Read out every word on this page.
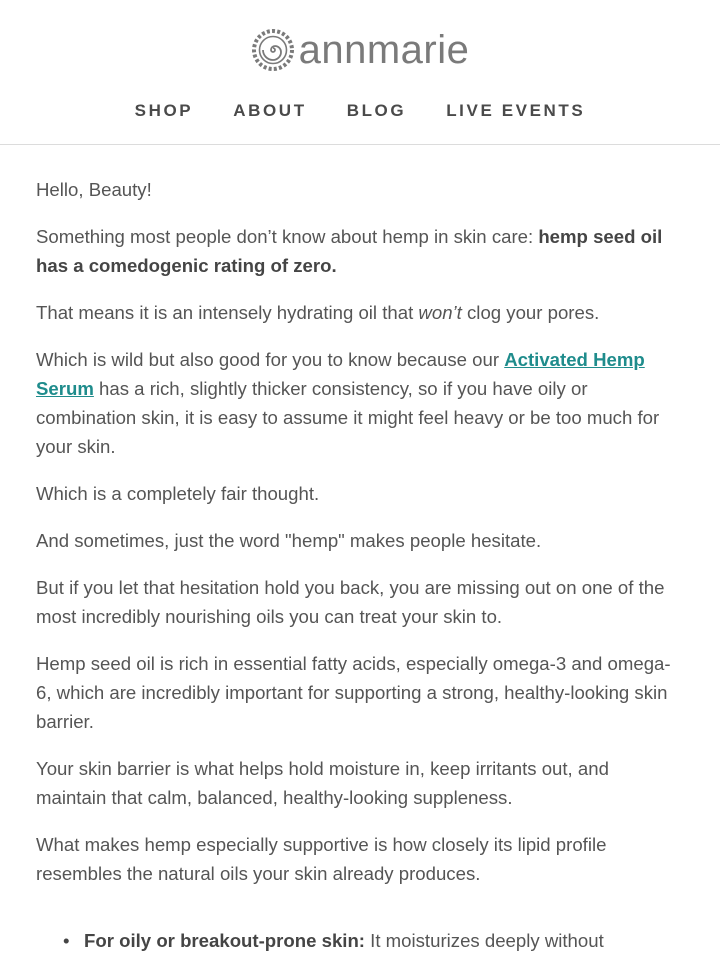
annmarie
SHOP ABOUT BLOG LIVE EVENTS

Hello, Beauty!

Something most people don’t know about hemp in skin care: hemp seed oil has a comedogenic rating of zero.

That means it is an intensely hydrating oil that won’t clog your pores.

Which is wild but also good for you to know because our Activated Hemp Serum has a rich, slightly thicker consistency, so if you have oily or combination skin, it is easy to assume it might feel heavy or be too much for your skin.

Which is a completely fair thought.

And sometimes, just the word "hemp" makes people hesitate.

But if you let that hesitation hold you back, you are missing out on one of the most incredibly nourishing oils you can treat your skin to.

Hemp seed oil is rich in essential fatty acids, especially omega-3 and omega-6, which are incredibly important for supporting a strong, healthy-looking skin barrier.

Your skin barrier is what helps hold moisture in, keep irritants out, and maintain that calm, balanced, healthy-looking suppleness.

What makes hemp especially supportive is how closely its lipid profile resembles the natural oils your skin already produces.

• For oily or breakout-prone skin: It moisturizes deeply without
